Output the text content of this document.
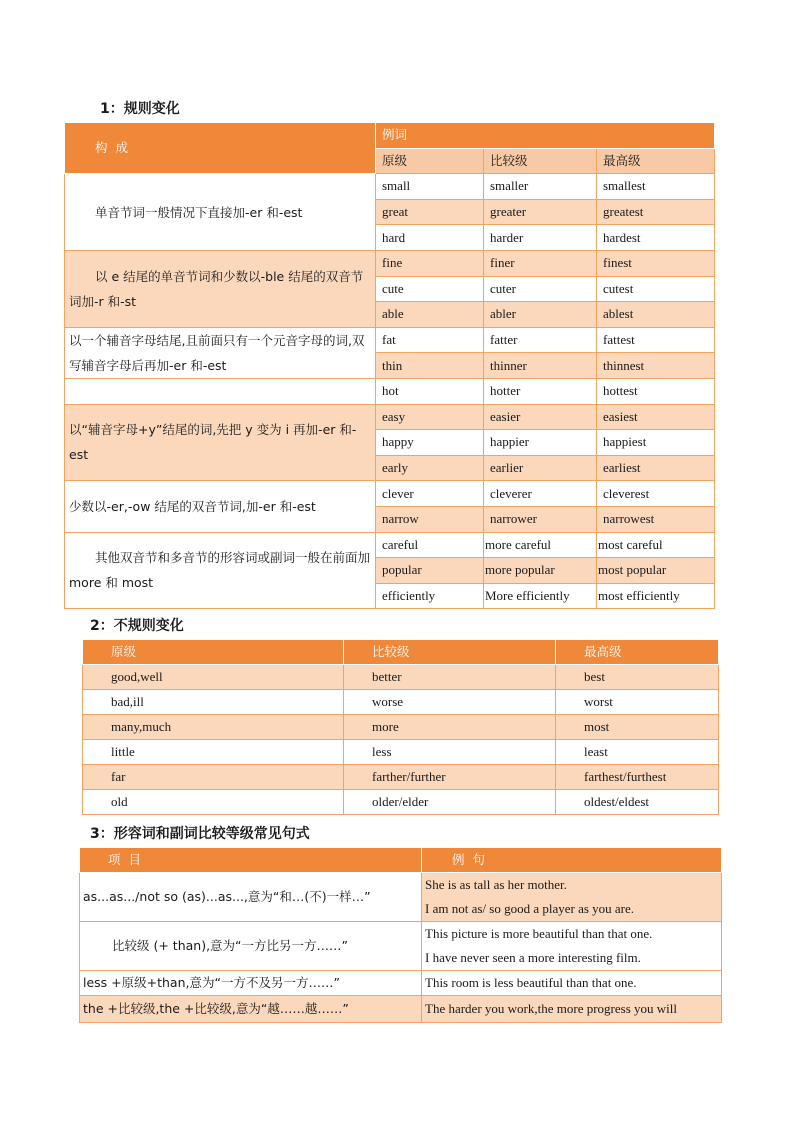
1：规则变化
构 成	例词		
	原级	比较级	最高级
单音节词一般情况下直接加-er 和-est	small	smaller	smallest
	great	greater	greatest
	hard	harder	hardest
以 e 结尾的单音节词和少数以-ble 结尾的双音节词加-r 和-st	fine	finer	finest
	cute	cuter	cutest
	able	abler	ablest
以一个辅音字母结尾,且前面只有一个元音字母的词,双写辅音字母后再加-er 和-est	fat	fatter	fattest
	thin	thinner	thinnest
	hot	hotter	hottest
以“辅音字母+y”结尾的词,先把 y 变为 i 再加-er 和-est	easy	easier	easiest
	happy	happier	happiest
	early	earlier	earliest
少数以-er,-ow 结尾的双音节词,加-er 和-est	clever	cleverer	cleverest
	narrow	narrower	narrowest
其他双音节和多音节的形容词或副词一般在前面加 more 和 most	careful	more careful	most careful
	popular	more popular	most popular
	efficiently	More efficiently	most efficiently
2：不规则变化
原级	比较级	最高级
good,well	better	best
bad,ill	worse	worst
many,much	more	most
little	less	least
far	farther/further	farthest/furthest
old	older/elder	oldest/eldest
3：形容词和副词比较等级常见句式
项 目	例 句
as...as.../not so (as)...as...,意为“和…(不)一样…”	She is as tall as her mother.
I am not as/ so good a player as you are.

比较级 (+ than),意为“一方比另一方……”	This picture is more beautiful than that one.
I have never seen a more interesting film.

less +原级+than,意为“一方不及另一方……”	This room is less beautiful than that one.
the +比较级,the +比较级,意为“越……越……”	The harder you work,the more progress you will
